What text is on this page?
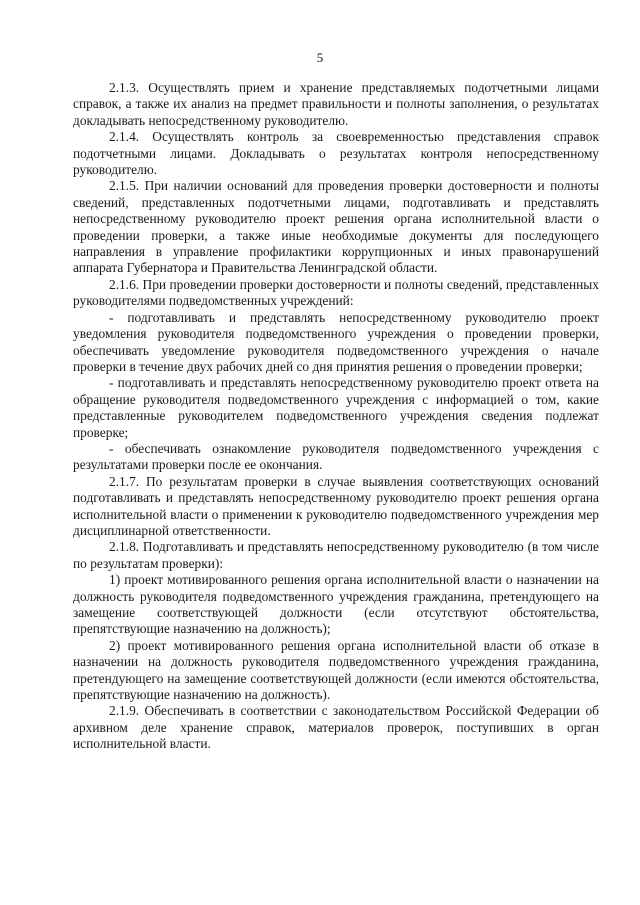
5

2.1.3. Осуществлять прием и хранение представляемых подотчетными лицами справок, а также их анализ на предмет правильности и полноты заполнения, о результатах докладывать непосредственному руководителю.

2.1.4. Осуществлять контроль за своевременностью представления справок подотчетными лицами. Докладывать о результатах контроля непосредственному руководителю.

2.1.5. При наличии оснований для проведения проверки достоверности и полноты сведений, представленных подотчетными лицами, подготавливать и представлять непосредственному руководителю проект решения органа исполнительной власти о проведении проверки, а также иные необходимые документы для последующего направления в управление профилактики коррупционных и иных правонарушений аппарата Губернатора и Правительства Ленинградской области.

2.1.6. При проведении проверки достоверности и полноты сведений, представленных руководителями подведомственных учреждений:

- подготавливать и представлять непосредственному руководителю проект уведомления руководителя подведомственного учреждения о проведении проверки, обеспечивать уведомление руководителя подведомственного учреждения о начале проверки в течение двух рабочих дней со дня принятия решения о проведении проверки;

- подготавливать и представлять непосредственному руководителю проект ответа на обращение руководителя подведомственного учреждения с информацией о том, какие представленные руководителем подведомственного учреждения сведения подлежат проверке;

- обеспечивать ознакомление руководителя подведомственного учреждения с результатами проверки после ее окончания.

2.1.7. По результатам проверки в случае выявления соответствующих оснований подготавливать и представлять непосредственному руководителю проект решения органа исполнительной власти о применении к руководителю подведомственного учреждения мер дисциплинарной ответственности.

2.1.8. Подготавливать и представлять непосредственному руководителю (в том числе по результатам проверки):

1) проект мотивированного решения органа исполнительной власти о назначении на должность руководителя подведомственного учреждения гражданина, претендующего на замещение соответствующей должности (если отсутствуют обстоятельства, препятствующие назначению на должность);

2) проект мотивированного решения органа исполнительной власти об отказе в назначении на должность руководителя подведомственного учреждения гражданина, претендующего на замещение соответствующей должности (если имеются обстоятельства, препятствующие назначению на должность).

2.1.9. Обеспечивать в соответствии с законодательством Российской Федерации об архивном деле хранение справок, материалов проверок, поступивших в орган исполнительной власти.
